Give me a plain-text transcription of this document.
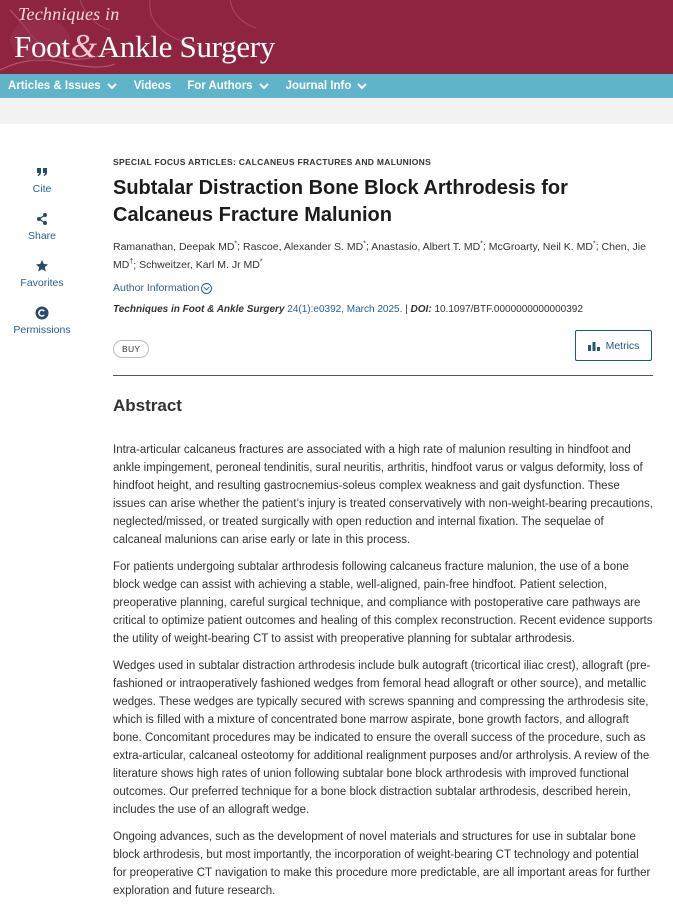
Techniques in
Foot&Ankle Surgery
Articles & Issues	Videos For Authors	Journal Info
Cite
Share
Favorites
Permissions
SPECIAL FOCUS ARTICLES: CALCANEUS FRACTURES AND MALUNIONS
Subtalar Distraction Bone Block Arthrodesis for Calcaneus Fracture Malunion
Ramanathan, Deepak MD*; Rascoe, Alexander S. MD*; Anastasio, Albert T. MD*; McGroarty, Neil K. MD*; Chen, Jie MD†; Schweitzer, Karl M. Jr MD*
Author Information
Techniques in Foot & Ankle Surgery 24(1):e0392, March 2025. | DOI: 10.1097/BTF.0000000000000392
BUY	Metrics
Abstract

Intra-articular calcaneus fractures are associated with a high rate of malunion resulting in hindfoot and ankle impingement, peroneal tendinitis, sural neuritis, arthritis, hindfoot varus or valgus deformity, loss of hindfoot height, and resulting gastrocnemius-soleus complex weakness and gait dysfunction. These issues can arise whether the patient’s injury is treated conservatively with non-weight-bearing precautions, neglected/missed, or treated surgically with open reduction and internal fixation. The sequelae of calcaneal malunions can arise early or late in this process.

For patients undergoing subtalar arthrodesis following calcaneus fracture malunion, the use of a bone block wedge can assist with achieving a stable, well-aligned, pain-free hindfoot. Patient selection, preoperative planning, careful surgical technique, and compliance with postoperative care pathways are critical to optimize patient outcomes and healing of this complex reconstruction. Recent evidence supports the utility of weight-bearing CT to assist with preoperative planning for subtalar arthrodesis.

Wedges used in subtalar distraction arthrodesis include bulk autograft (tricortical iliac crest), allograft (pre-fashioned or intraoperatively fashioned wedges from femoral head allograft or other source), and metallic wedges. These wedges are typically secured with screws spanning and compressing the arthrodesis site, which is filled with a mixture of concentrated bone marrow aspirate, bone growth factors, and allograft bone. Concomitant procedures may be indicated to ensure the overall success of the procedure, such as extra-articular, calcaneal osteotomy for additional realignment purposes and/or arthrolysis. A review of the literature shows high rates of union following subtalar bone block arthrodesis with improved functional outcomes. Our preferred technique for a bone block distraction subtalar arthrodesis, described herein, includes the use of an allograft wedge.

Ongoing advances, such as the development of novel materials and structures for use in subtalar bone block arthrodesis, but most importantly, the incorporation of weight-bearing CT technology and potential for preoperative CT navigation to make this procedure more predictable, are all important areas for further exploration and future research.
